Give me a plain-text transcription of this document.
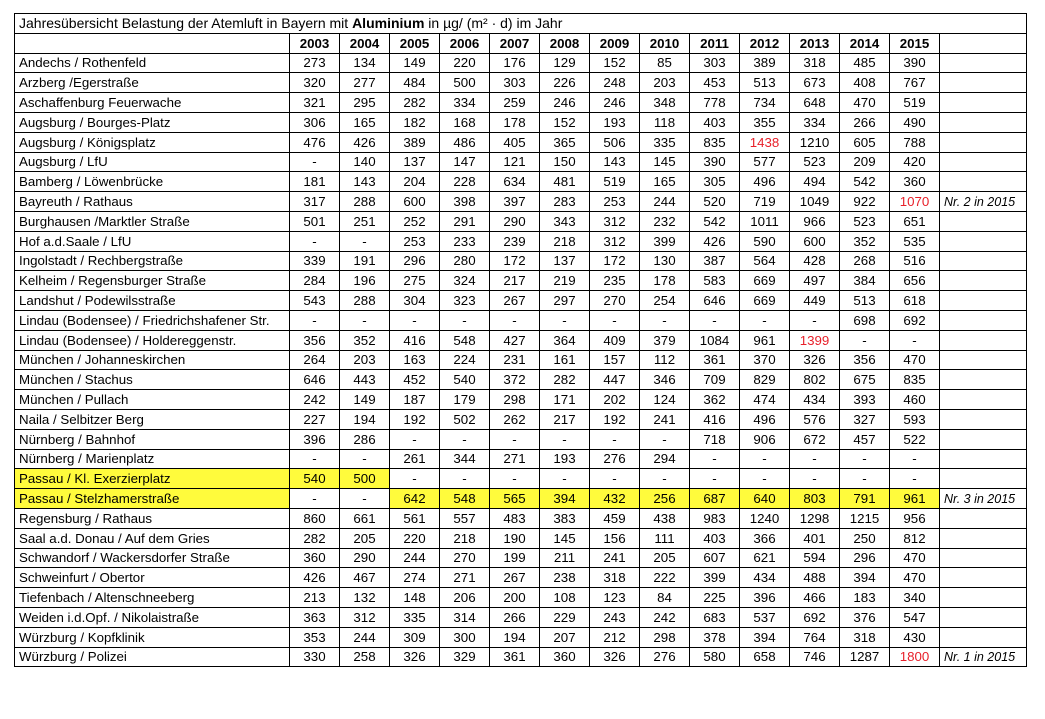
Jahresübersicht Belastung der Atemluft in Bayern mit Aluminium in µg/ (m² · d) im Jahr														
	2003	2004	2005	2006	2007	2008	2009	2010	2011	2012	2013	2014	2015	
Andechs / Rothenfeld	273	134	149	220	176	129	152	85	303	389	318	485	390	
Arzberg /Egerstraße	320	277	484	500	303	226	248	203	453	513	673	408	767	
Aschaffenburg Feuerwache	321	295	282	334	259	246	246	348	778	734	648	470	519	
Augsburg / Bourges-Platz	306	165	182	168	178	152	193	118	403	355	334	266	490	
Augsburg / Königsplatz	476	426	389	486	405	365	506	335	835	1438	1210	605	788	
Augsburg / LfU	-	140	137	147	121	150	143	145	390	577	523	209	420	
Bamberg / Löwenbrücke	181	143	204	228	634	481	519	165	305	496	494	542	360	
Bayreuth / Rathaus	317	288	600	398	397	283	253	244	520	719	1049	922	1070	Nr. 2 in 2015
Burghausen /Marktler Straße	501	251	252	291	290	343	312	232	542	1011	966	523	651	
Hof a.d.Saale / LfU	-	-	253	233	239	218	312	399	426	590	600	352	535	
Ingolstadt / Rechbergstraße	339	191	296	280	172	137	172	130	387	564	428	268	516	
Kelheim / Regensburger Straße	284	196	275	324	217	219	235	178	583	669	497	384	656	
Landshut / Podewilsstraße	543	288	304	323	267	297	270	254	646	669	449	513	618	
Lindau (Bodensee) / Friedrichshafener Str.	-	-	-	-	-	-	-	-	-	-	-	698	692	
Lindau (Bodensee) / Holdereggenstr.	356	352	416	548	427	364	409	379	1084	961	1399	-	-	
München / Johanneskirchen	264	203	163	224	231	161	157	112	361	370	326	356	470	
München / Stachus	646	443	452	540	372	282	447	346	709	829	802	675	835	
München / Pullach	242	149	187	179	298	171	202	124	362	474	434	393	460	
Naila / Selbitzer Berg	227	194	192	502	262	217	192	241	416	496	576	327	593	
Nürnberg / Bahnhof	396	286	-	-	-	-	-	-	718	906	672	457	522	
Nürnberg / Marienplatz	-	-	261	344	271	193	276	294	-	-	-	-	-	
Passau / Kl. Exerzierplatz	540	500	-	-	-	-	-	-	-	-	-	-	-	
Passau / Stelzhamerstraße	-	-	642	548	565	394	432	256	687	640	803	791	961	Nr. 3 in 2015
Regensburg / Rathaus	860	661	561	557	483	383	459	438	983	1240	1298	1215	956	
Saal a.d. Donau / Auf dem Gries	282	205	220	218	190	145	156	111	403	366	401	250	812	
Schwandorf / Wackersdorfer Straße	360	290	244	270	199	211	241	205	607	621	594	296	470	
Schweinfurt / Obertor	426	467	274	271	267	238	318	222	399	434	488	394	470	
Tiefenbach / Altenschneeberg	213	132	148	206	200	108	123	84	225	396	466	183	340	
Weiden i.d.Opf. / Nikolaistraße	363	312	335	314	266	229	243	242	683	537	692	376	547	
Würzburg / Kopfklinik	353	244	309	300	194	207	212	298	378	394	764	318	430	
Würzburg / Polizei	330	258	326	329	361	360	326	276	580	658	746	1287	1800	Nr. 1 in 2015
